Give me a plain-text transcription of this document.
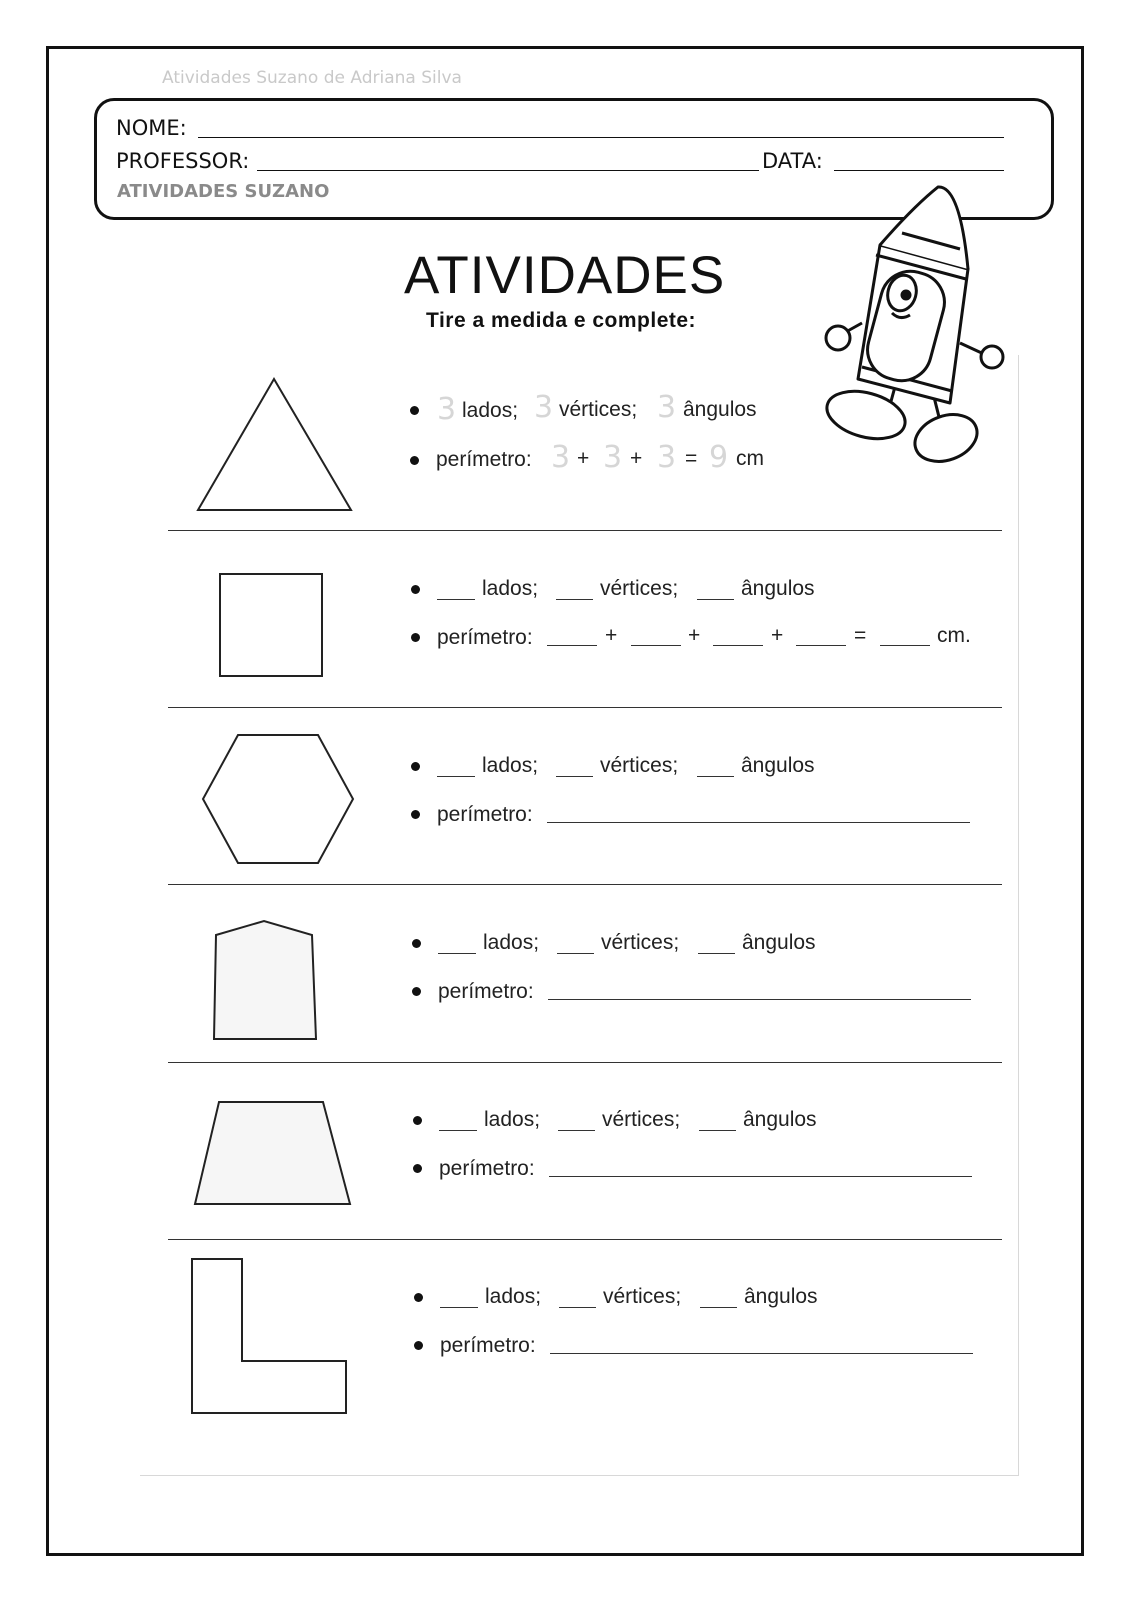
Atividades Suzano de Adriana Silva
NOME:
PROFESSOR:	DATA:
ATIVIDADES SUZANO
ATIVIDADES
Tire a medida e complete:
3 lados; 3 vértices; 3 ângulos
perímetro: 3 + 3 + 3 = 9 cm
lados;	vértices;	ângulos
perímetro:	+	+	+	=	cm.
lados;	vértices;	ângulos
perímetro:
lados;	vértices;	ângulos
perímetro:
lados;	vértices;	ângulos
perímetro:
lados;	vértices;	ângulos
perímetro:
